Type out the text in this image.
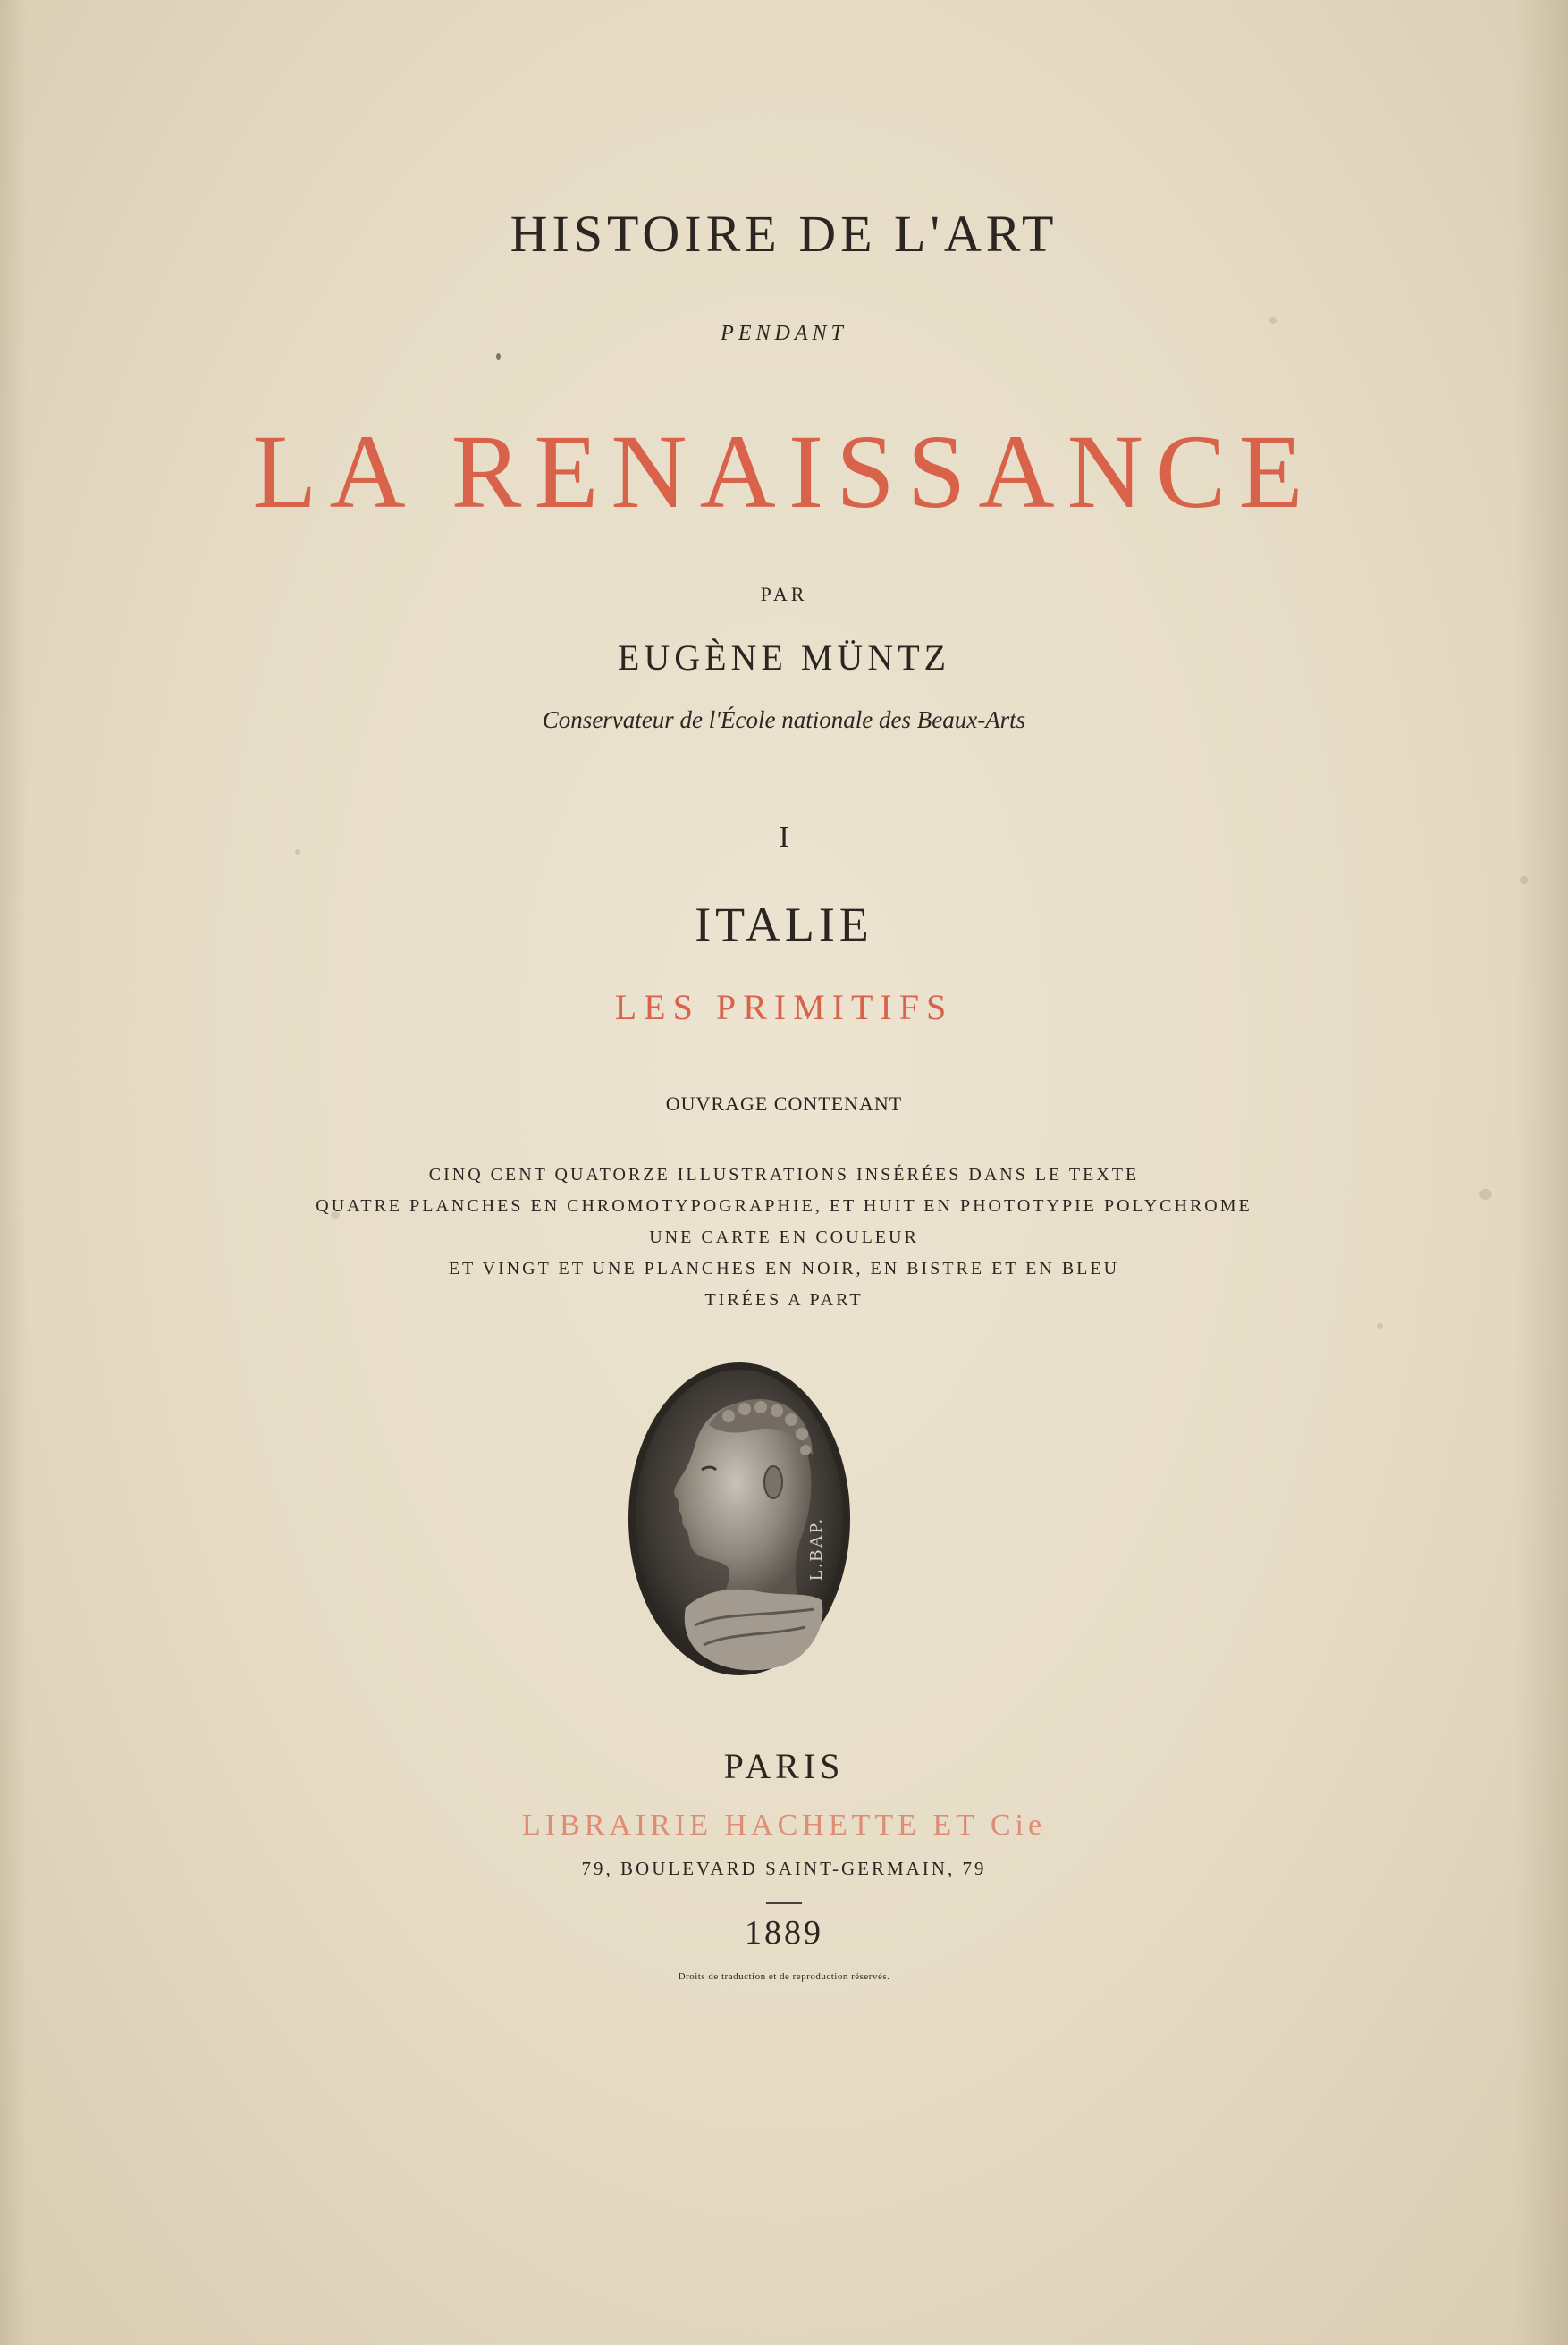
HISTOIRE DE L'ART
PENDANT
LA RENAISSANCE
PAR
EUGÈNE MÜNTZ
Conservateur de l'École nationale des Beaux-Arts
I
ITALIE
LES PRIMITIFS
OUVRAGE CONTENANT
CINQ CENT QUATORZE ILLUSTRATIONS INSÉRÉES DANS LE TEXTE
QUATRE PLANCHES EN CHROMOTYPOGRAPHIE, ET HUIT EN PHOTOTYPIE POLYCHROME
UNE CARTE EN COULEUR
ET VINGT ET UNE PLANCHES EN NOIR, EN BISTRE ET EN BLEU
TIRÉES A PART
L.BAP.
PARIS
LIBRAIRIE HACHETTE ET Cie
79, BOULEVARD SAINT-GERMAIN, 79
1889
Droits de traduction et de reproduction réservés.
